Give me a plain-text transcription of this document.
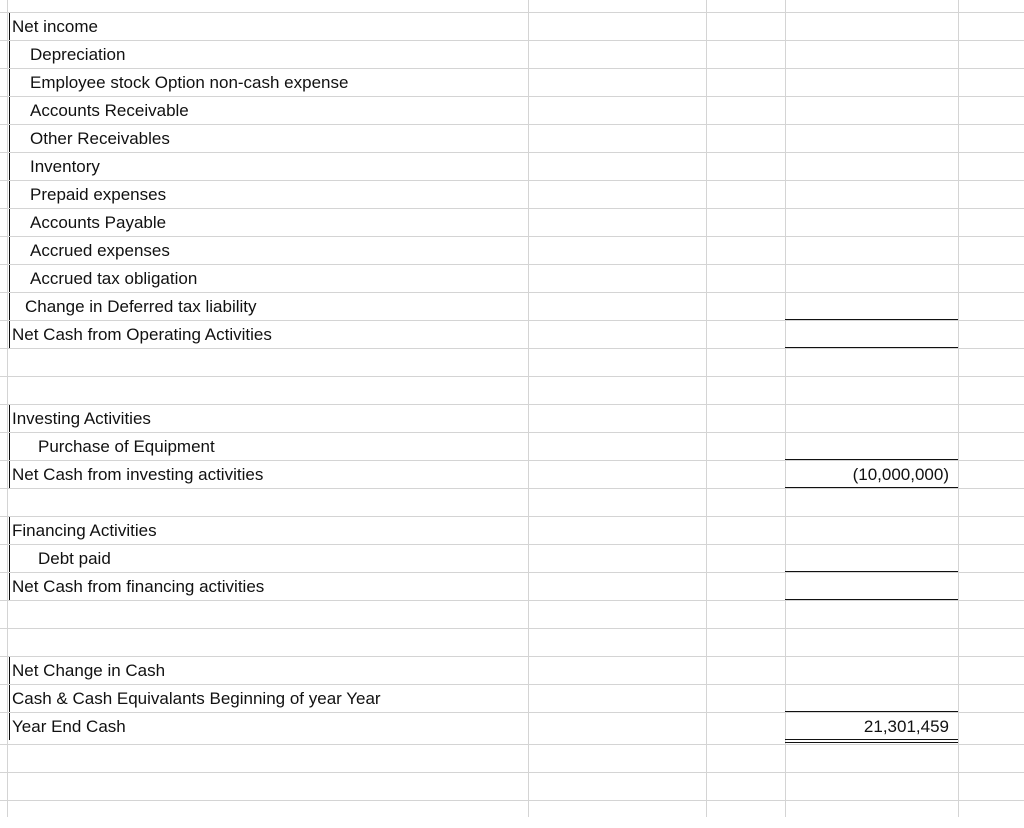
Net income
Depreciation
Employee stock Option non-cash expense
Accounts Receivable
Other Receivables
Inventory
Prepaid expenses
Accounts Payable
Accrued expenses
Accrued tax obligation
Change in Deferred tax liability
Net Cash from Operating Activities
Investing Activities
Purchase of Equipment
Net Cash from investing activities	(10,000,000)
Financing Activities
Debt paid
Net Cash from financing activities
Net Change in Cash
Cash & Cash Equivalants Beginning of year Year
Year End Cash	21,301,459
